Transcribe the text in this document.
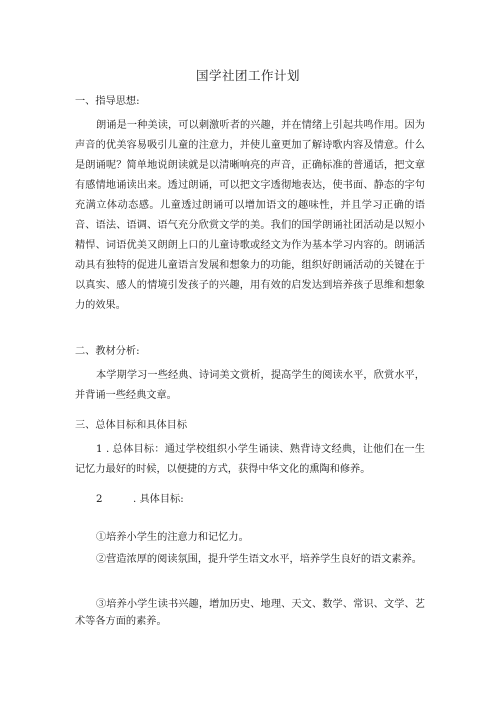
国学社团工作计划
一、指导思想:
朗诵是一种美读，可以刺激听者的兴趣，并在情绪上引起共鸣作用。因为声音的优美容易吸引儿童的注意力，并使儿童更加了解诗歌内容及情意。什么是朗诵呢？简单地说朗读就是以清晰响亮的声音，正确标准的普通话，把文章有感情地诵读出来。透过朗诵，可以把文字透彻地表达，使书面、静态的字句充满立体动态感。儿童透过朗诵可以增加语文的趣味性，并且学习正确的语音、语法、语调、语气充分欣赏文学的美。我们的国学朗诵社团活动是以短小精悍、词语优美又朗朗上口的儿童诗歌或经文为作为基本学习内容的。朗诵活动具有独特的促进儿童语言发展和想象力的功能，组织好朗诵活动的关键在于以真实、感人的情境引发孩子的兴趣，用有效的启发达到培养孩子思维和想象力的效果。
二、教材分析:
本学期学习一些经典、诗词美文赏析，提高学生的阅读水平，欣赏水平，并背诵一些经典文章。
三、总体目标和具体目标
1 . 总体目标：通过学校组织小学生诵读、熟背诗文经典，让他们在一生记忆力最好的时候，以便捷的方式，获得中华文化的熏陶和修养。
2	. 具体目标:
①培养小学生的注意力和记忆力。
②营造浓厚的阅读氛围，提升学生语文水平，培养学生良好的语文素养。
③培养小学生读书兴趣，增加历史、地理、天文、数学、常识、文学、艺术等各方面的素养。
